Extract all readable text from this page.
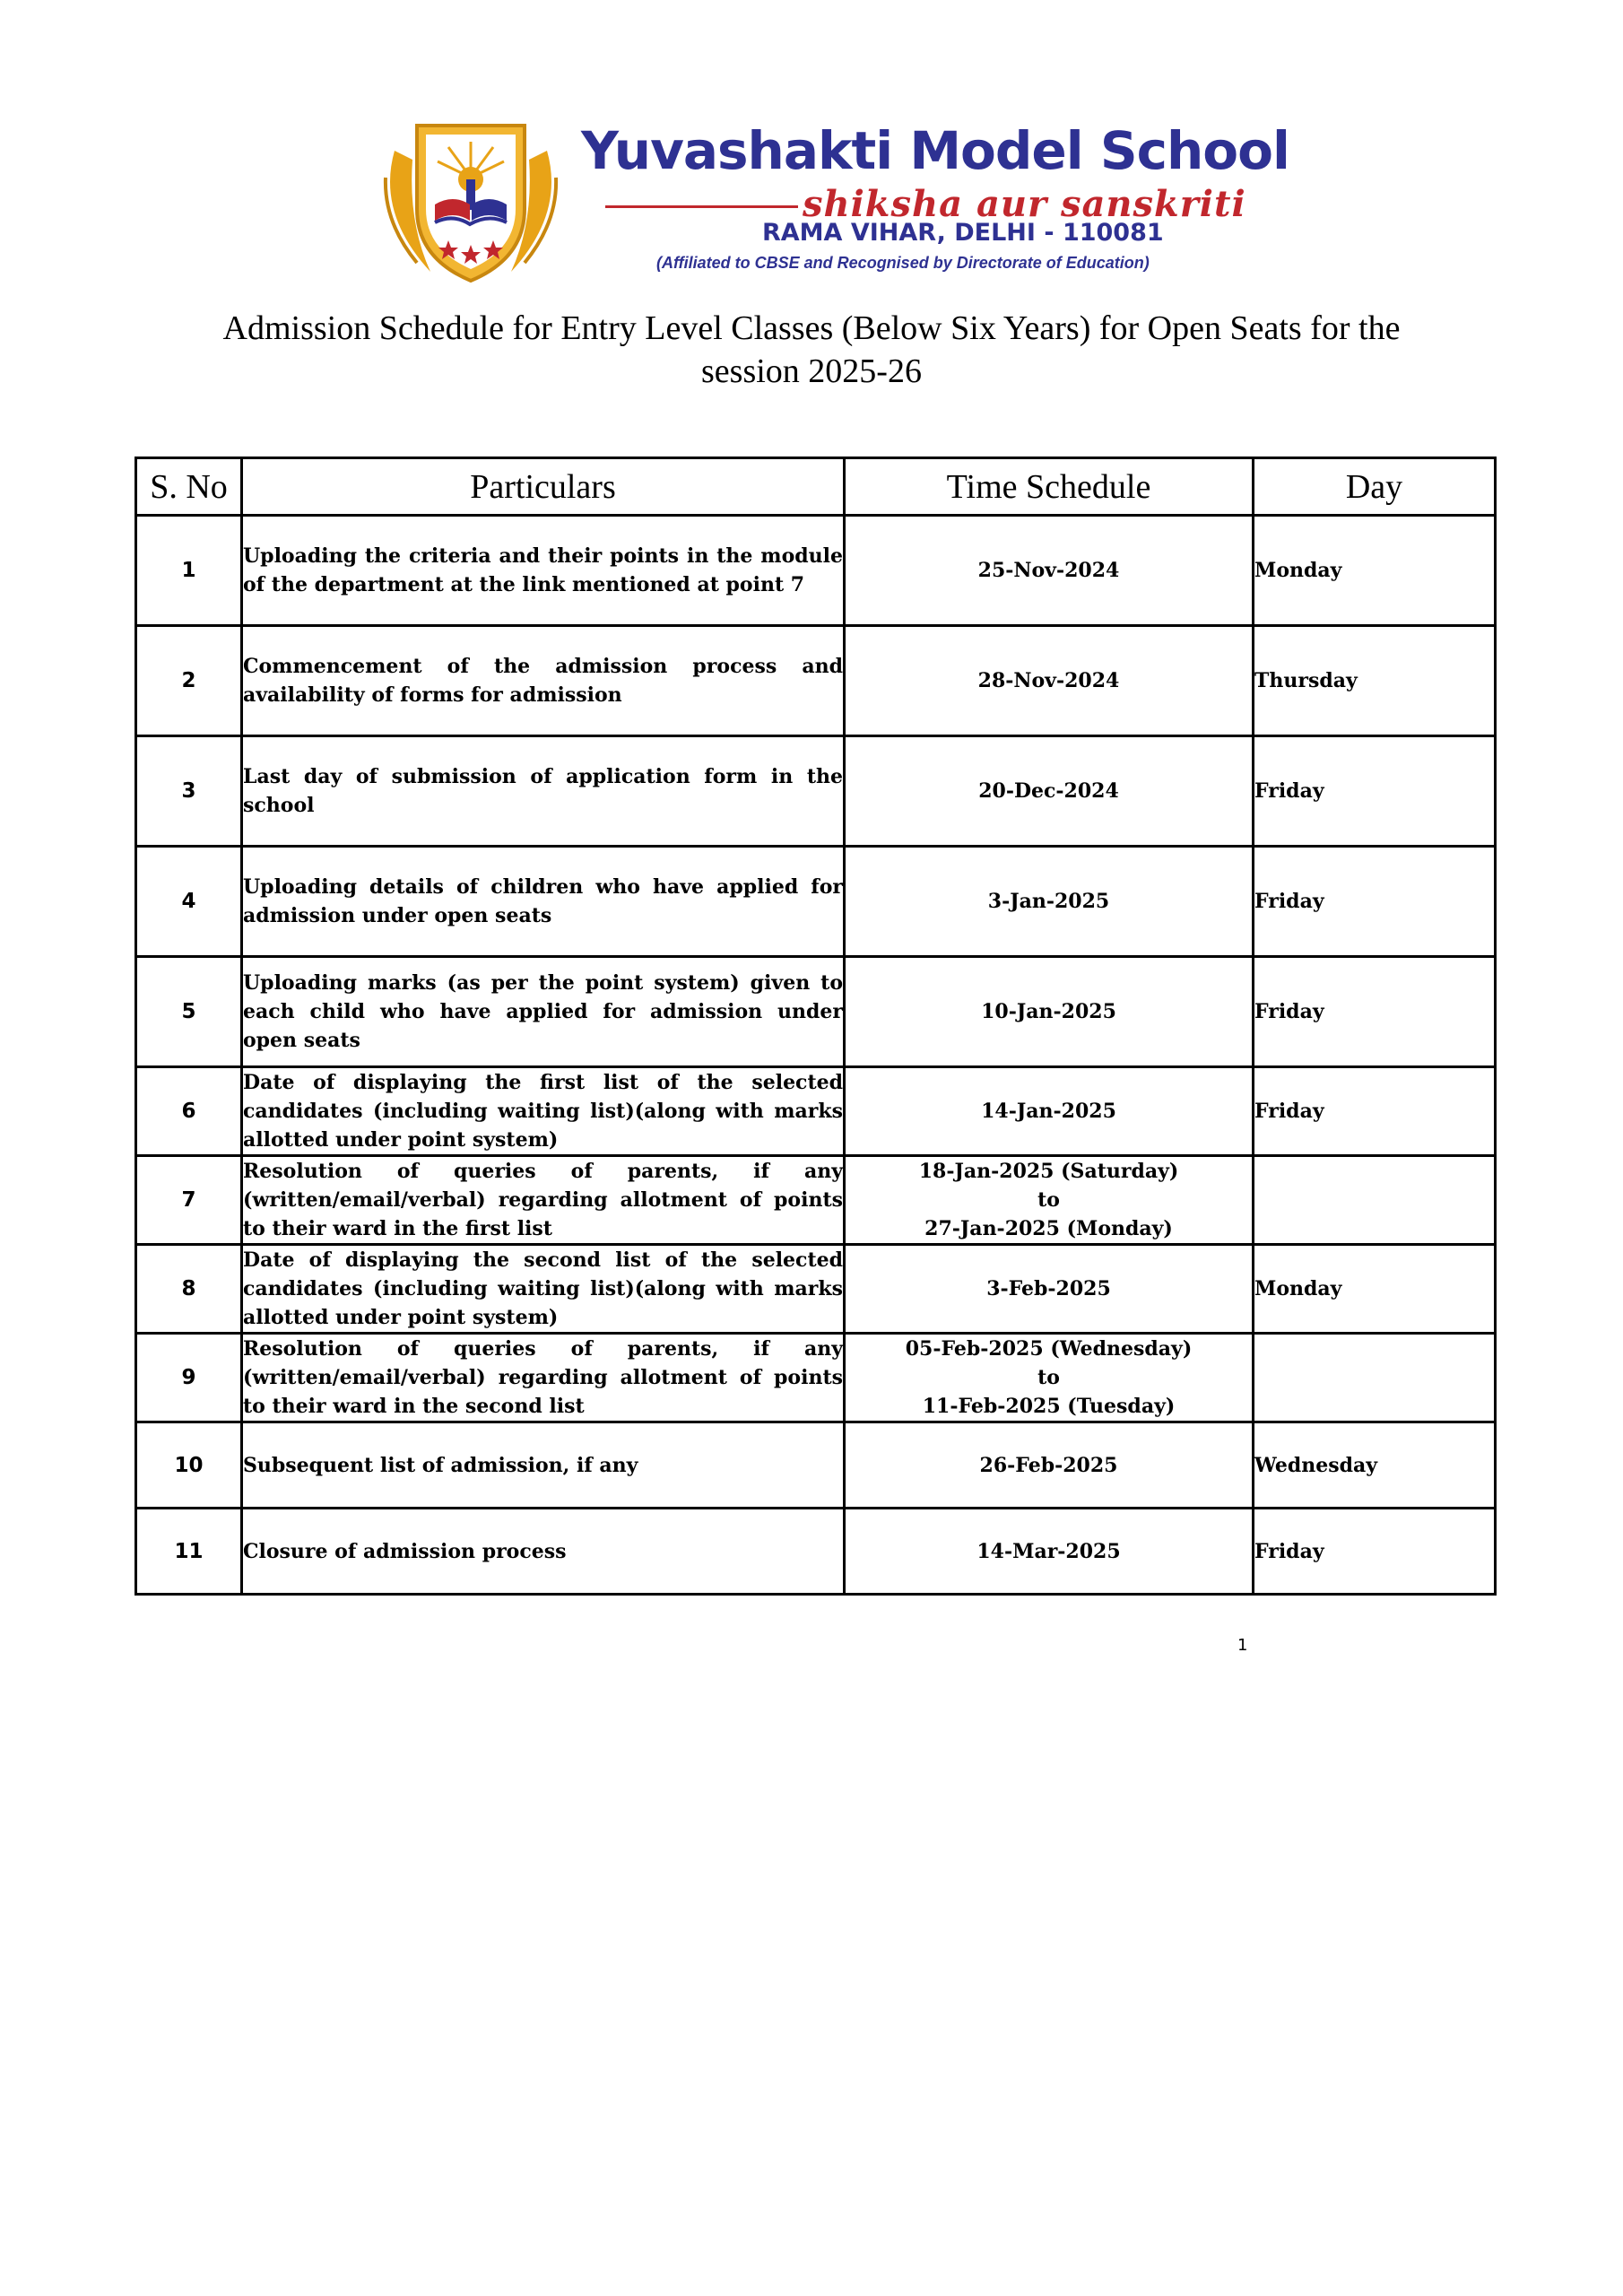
Yuvashakti Model School
shiksha aur sanskriti
RAMA VIHAR, DELHI - 110081
(Affiliated to CBSE and Recognised by Directorate of Education)
Admission Schedule for Entry Level Classes (Below Six Years) for Open Seats for the
session 2025-26
S. No	Particulars	Time Schedule	Day
1	Uploading the criteria and their points in the module of the department at the link mentioned at point 7	25-Nov-2024	Monday
2	Commencement of the admission process and availability of forms for admission	28-Nov-2024	Thursday
3	Last day of submission of application form in the school	20-Dec-2024	Friday
4	Uploading details of children who have applied for admission under open seats	3-Jan-2025	Friday
5	Uploading marks (as per the point system) given to each child who have applied for admission under open seats	10-Jan-2025	Friday
6	Date of displaying the first list of the selected candidates (including waiting list)(along with marks allotted under point system)	14-Jan-2025	Friday
7	Resolution of queries of parents, if any (written/email/verbal) regarding allotment of points to their ward in the first list	18-Jan-2025 (Saturday)
to
27-Jan-2025 (Monday)	

8	Date of displaying the second list of the selected candidates (including waiting list)(along with marks allotted under point system)	3-Feb-2025	Monday
9	Resolution of queries of parents, if any (written/email/verbal) regarding allotment of points to their ward in the second list	05-Feb-2025 (Wednesday)
to
11-Feb-2025 (Tuesday)	

10	Subsequent list of admission, if any	26-Feb-2025	Wednesday
11	Closure of admission process	14-Mar-2025	Friday
1
